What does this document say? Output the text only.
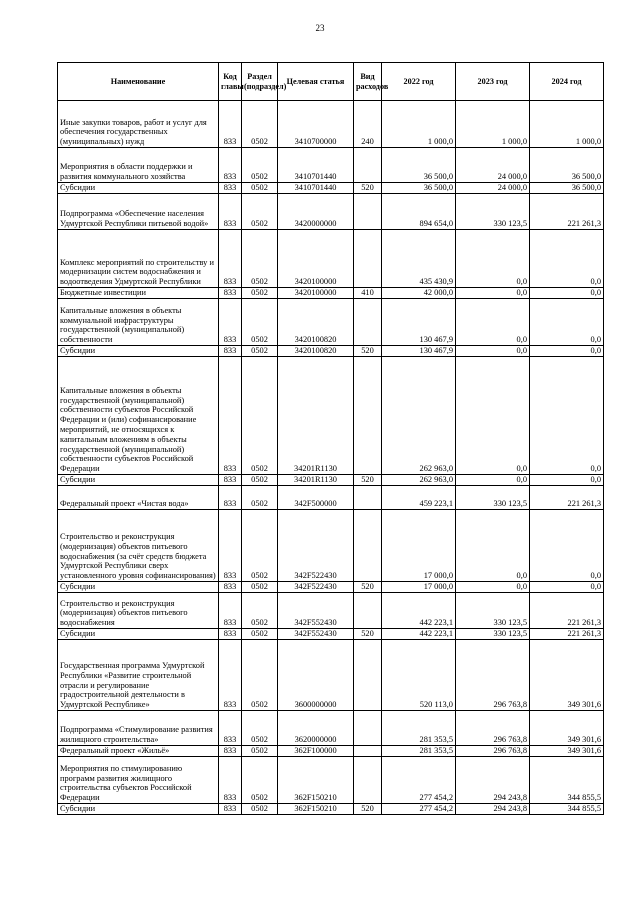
23
Наименование	Код главы	Раздел (подраздел)	Целевая статья	Вид расходов	2022 год	2023 год	2024 год
Иные закупки товаров, работ и услуг для обеспечения государственных (муниципальных) нужд	833	0502	3410700000	240	1 000,0	1 000,0	1 000,0
Мероприятия в области поддержки и развития коммунального хозяйства	833	0502	3410701440		36 500,0	24 000,0	36 500,0
Субсидии	833	0502	3410701440	520	36 500,0	24 000,0	36 500,0
Подпрограмма «Обеспечение населения Удмуртской Республики питьевой водой»	833	0502	3420000000		894 654,0	330 123,5	221 261,3
Комплекс мероприятий по строительству и модернизации систем водоснабжения и водоотведения Удмуртской Республики	833	0502	3420100000		435 430,9	0,0	0,0
Бюджетные инвестиции	833	0502	3420100000	410	42 000,0	0,0	0,0
Капитальные вложения в объекты коммунальной инфраструктуры государственной (муниципальной) собственности	833	0502	3420100820		130 467,9	0,0	0,0
Субсидии	833	0502	3420100820	520	130 467,9	0,0	0,0
Капитальные вложения в объекты государственной (муниципальной) собственности субъектов Российской Федерации и (или) софинансирование мероприятий, не относящихся к капитальным вложениям в объекты государственной (муниципальной) собственности субъектов Российской Федерации	833	0502	34201R1130		262 963,0	0,0	0,0
Субсидии	833	0502	34201R1130	520	262 963,0	0,0	0,0
Федеральный проект «Чистая вода»	833	0502	342F500000		459 223,1	330 123,5	221 261,3
Строительство и реконструкция (модернизация) объектов питьевого водоснабжения (за счёт средств бюджета Удмуртской Республики сверх установленного уровня софинансирования)	833	0502	342F522430		17 000,0	0,0	0,0
Субсидии	833	0502	342F522430	520	17 000,0	0,0	0,0
Строительство и реконструкция (модернизация) объектов питьевого водоснабжения	833	0502	342F552430		442 223,1	330 123,5	221 261,3
Субсидии	833	0502	342F552430	520	442 223,1	330 123,5	221 261,3
Государственная программа Удмуртской Республики «Развитие строительной отрасли и регулирование градостроительной деятельности в Удмуртской Республике»	833	0502	3600000000		520 113,0	296 763,8	349 301,6
Подпрограмма «Стимулирование развития жилищного строительства»	833	0502	3620000000		281 353,5	296 763,8	349 301,6
Федеральный проект «Жильё»	833	0502	362F100000		281 353,5	296 763,8	349 301,6
Мероприятия по стимулированию программ развития жилищного строительства субъектов Российской Федерации	833	0502	362F150210		277 454,2	294 243,8	344 855,5
Субсидии	833	0502	362F150210	520	277 454,2	294 243,8	344 855,5
